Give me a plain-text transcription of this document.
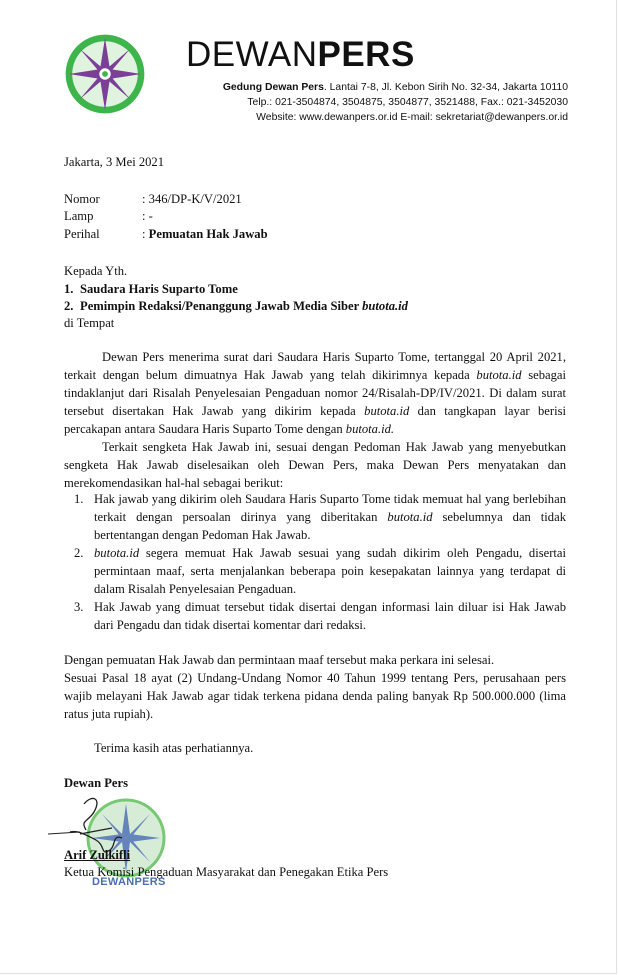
DEWANPERS
Gedung Dewan Pers. Lantai 7-8, Jl. Kebon Sirih No. 32-34, Jakarta 10110
Telp.: 021-3504874, 3504875, 3504877, 3521488, Fax.: 021-3452030
Website: www.dewanpers.or.id E-mail: sekretariat@dewanpers.or.id
Jakarta, 3 Mei 2021
Nomor	: 346/DP-K/V/2021
Lamp	: -
Perihal	: Pemuatan Hak Jawab
Kepada Yth.
1. Saudara Haris Suparto Tome
2. Pemimpin Redaksi/Penanggung Jawab Media Siber butota.id
di Tempat
Dewan Pers menerima surat dari Saudara Haris Suparto Tome, tertanggal 20 April 2021, terkait dengan belum dimuatnya Hak Jawab yang telah dikirimnya kepada butota.id sebagai tindaklanjut dari Risalah Penyelesaian Pengaduan nomor 24/Risalah-DP/IV/2021. Di dalam surat tersebut disertakan Hak Jawab yang dikirim kepada butota.id dan tangkapan layar berisi percakapan antara Saudara Haris Suparto Tome dengan butota.id.
Terkait sengketa Hak Jawab ini, sesuai dengan Pedoman Hak Jawab yang menyebutkan sengketa Hak Jawab diselesaikan oleh Dewan Pers, maka Dewan Pers menyatakan dan merekomendasikan hal-hal sebagai berikut:
1. Hak jawab yang dikirim oleh Saudara Haris Suparto Tome tidak memuat hal yang berlebihan terkait dengan persoalan dirinya yang diberitakan butota.id sebelumnya dan tidak bertentangan dengan Pedoman Hak Jawab.
2. butota.id segera memuat Hak Jawab sesuai yang sudah dikirim oleh Pengadu, disertai permintaan maaf, serta menjalankan beberapa poin kesepakatan lainnya yang terdapat di dalam Risalah Penyelesaian Pengaduan.
3. Hak Jawab yang dimuat tersebut tidak disertai dengan informasi lain diluar isi Hak Jawab dari Pengadu dan tidak disertai komentar dari redaksi.
Dengan pemuatan Hak Jawab dan permintaan maaf tersebut maka perkara ini selesai.
Sesuai Pasal 18 ayat (2) Undang-Undang Nomor 40 Tahun 1999 tentang Pers, perusahaan pers wajib melayani Hak Jawab agar tidak terkena pidana denda paling banyak Rp 500.000.000 (lima ratus juta rupiah).
Terima kasih atas perhatiannya.
Dewan Pers
Arif Zulkifli
Ketua Komisi Pengaduan Masyarakat dan Penegakan Etika Pers
DEWANPERS
